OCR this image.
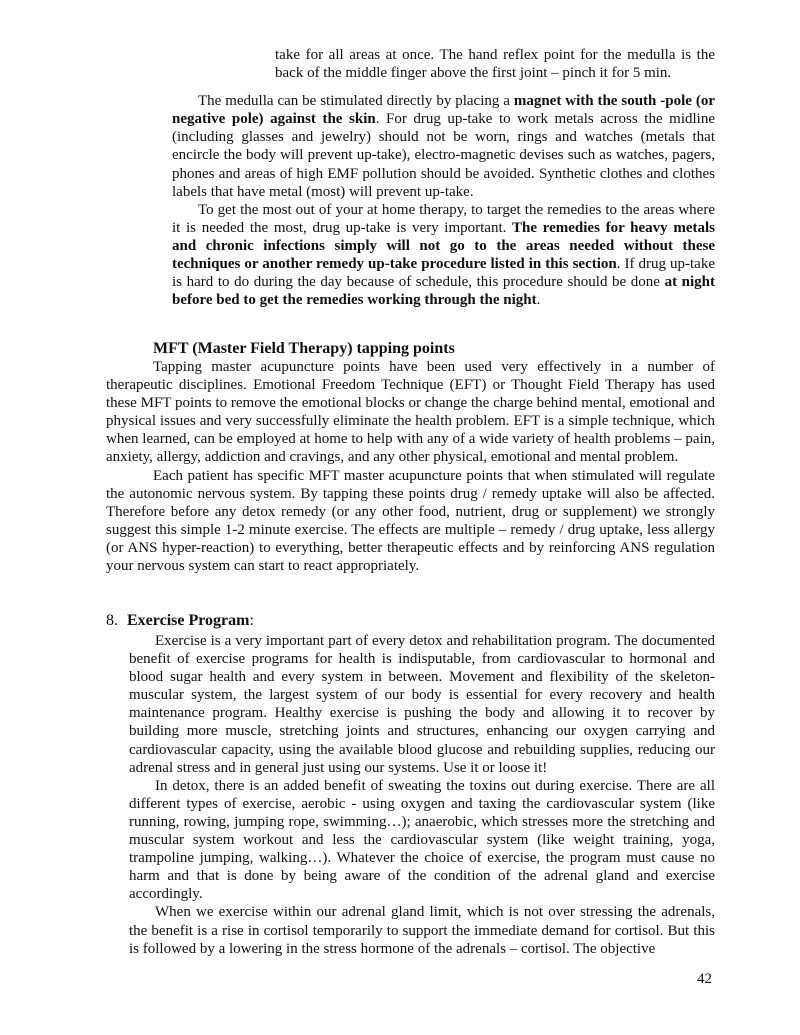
take for all areas at once. The hand reflex point for the medulla is the back of the middle finger above the first joint – pinch it for 5 min.

The medulla can be stimulated directly by placing a magnet with the south -pole (or negative pole) against the skin. For drug up-take to work metals across the midline (including glasses and jewelry) should not be worn, rings and watches (metals that encircle the body will prevent up-take), electro-magnetic devises such as watches, pagers, phones and areas of high EMF pollution should be avoided. Synthetic clothes and clothes labels that have metal (most) will prevent up-take.

To get the most out of your at home therapy, to target the remedies to the areas where it is needed the most, drug up-take is very important. The remedies for heavy metals and chronic infections simply will not go to the areas needed without these techniques or another remedy up-take procedure listed in this section. If drug up-take is hard to do during the day because of schedule, this procedure should be done at night before bed to get the remedies working through the night.

MFT (Master Field Therapy) tapping points

Tapping master acupuncture points have been used very effectively in a number of therapeutic disciplines. Emotional Freedom Technique (EFT) or Thought Field Therapy has used these MFT points to remove the emotional blocks or change the charge behind mental, emotional and physical issues and very successfully eliminate the health problem. EFT is a simple technique, which when learned, can be employed at home to help with any of a wide variety of health problems – pain, anxiety, allergy, addiction and cravings, and any other physical, emotional and mental problem.

Each patient has specific MFT master acupuncture points that when stimulated will regulate the autonomic nervous system. By tapping these points drug / remedy uptake will also be affected. Therefore before any detox remedy (or any other food, nutrient, drug or supplement) we strongly suggest this simple 1-2 minute exercise. The effects are multiple – remedy / drug uptake, less allergy (or ANS hyper-reaction) to everything, better therapeutic effects and by reinforcing ANS regulation your nervous system can start to react appropriately.

8. Exercise Program:

Exercise is a very important part of every detox and rehabilitation program. The documented benefit of exercise programs for health is indisputable, from cardiovascular to hormonal and blood sugar health and every system in between. Movement and flexibility of the skeleton-muscular system, the largest system of our body is essential for every recovery and health maintenance program. Healthy exercise is pushing the body and allowing it to recover by building more muscle, stretching joints and structures, enhancing our oxygen carrying and cardiovascular capacity, using the available blood glucose and rebuilding supplies, reducing our adrenal stress and in general just using our systems. Use it or loose it!

In detox, there is an added benefit of sweating the toxins out during exercise. There are all different types of exercise, aerobic - using oxygen and taxing the cardiovascular system (like running, rowing, jumping rope, swimming…); anaerobic, which stresses more the stretching and muscular system workout and less the cardiovascular system (like weight training, yoga, trampoline jumping, walking…). Whatever the choice of exercise, the program must cause no harm and that is done by being aware of the condition of the adrenal gland and exercise accordingly.

When we exercise within our adrenal gland limit, which is not over stressing the adrenals, the benefit is a rise in cortisol temporarily to support the immediate demand for cortisol. But this is followed by a lowering in the stress hormone of the adrenals – cortisol. The objective

42
